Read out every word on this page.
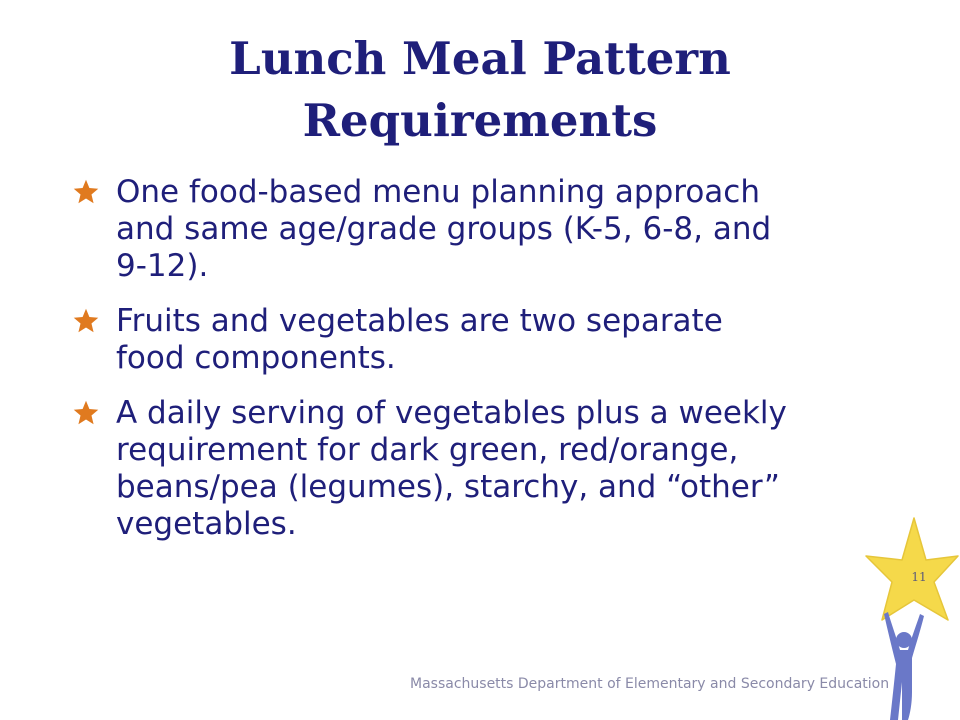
Lunch Meal Pattern
Requirements
One food-based menu planning approach
and same age/grade groups (K-5, 6-8, and
9-12).
Fruits and vegetables are two separate
food components.
A daily serving of vegetables plus a weekly
requirement for dark green, red/orange,
beans/pea (legumes), starchy, and “other”
vegetables.
11
Massachusetts Department of Elementary and Secondary Education
